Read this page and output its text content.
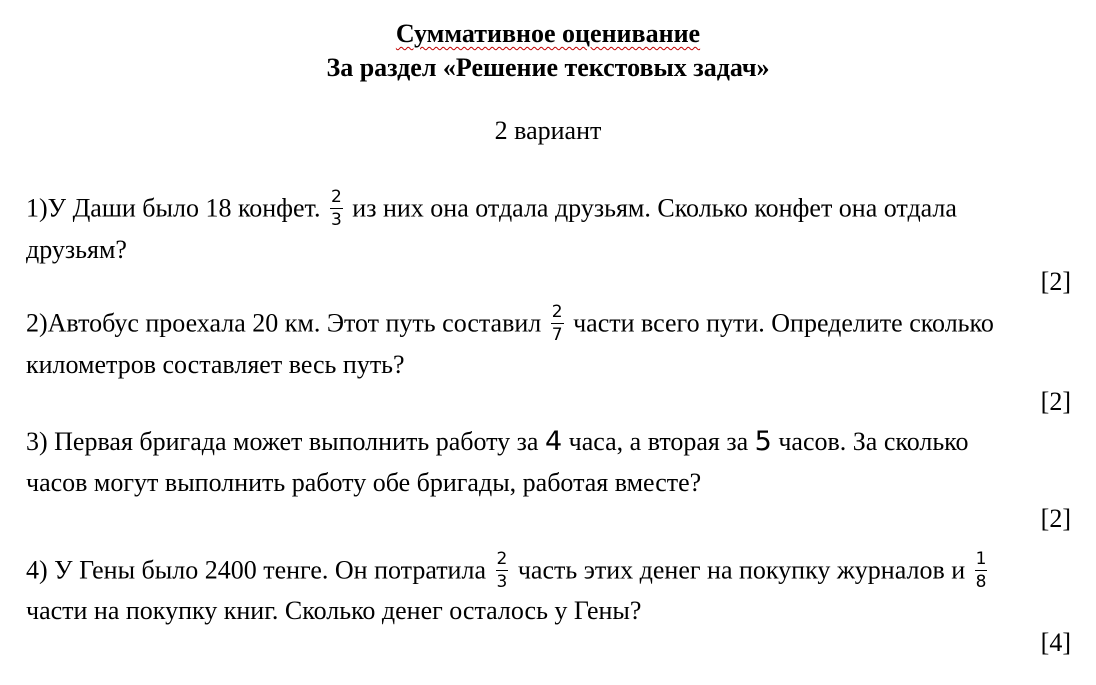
Суммативное оценивание
За раздел «Решение текстовых задач»
2 вариант
1)У Даши было 18 конфет. $\frac{2}{3}$ из них она отдала друзьям. Сколько конфет она отдала
друзьям?
[2]
2)Автобус проехала 20 км. Этот путь составил $\frac{2}{7}$ части всего пути. Определите сколько
километров составляет весь путь?
[2]
3) Первая бригада может выполнить работу за 4 часа, а вторая за 5 часов. За сколько
часов могут выполнить работу обе бригады, работая вместе?
[2]
4) У Гены было 2400 тенге. Он потратила $\frac{2}{3}$ часть этих денег на покупку журналов и $\frac{1}{8}$
части на покупку книг. Сколько денег осталось у Гены?
[4]
